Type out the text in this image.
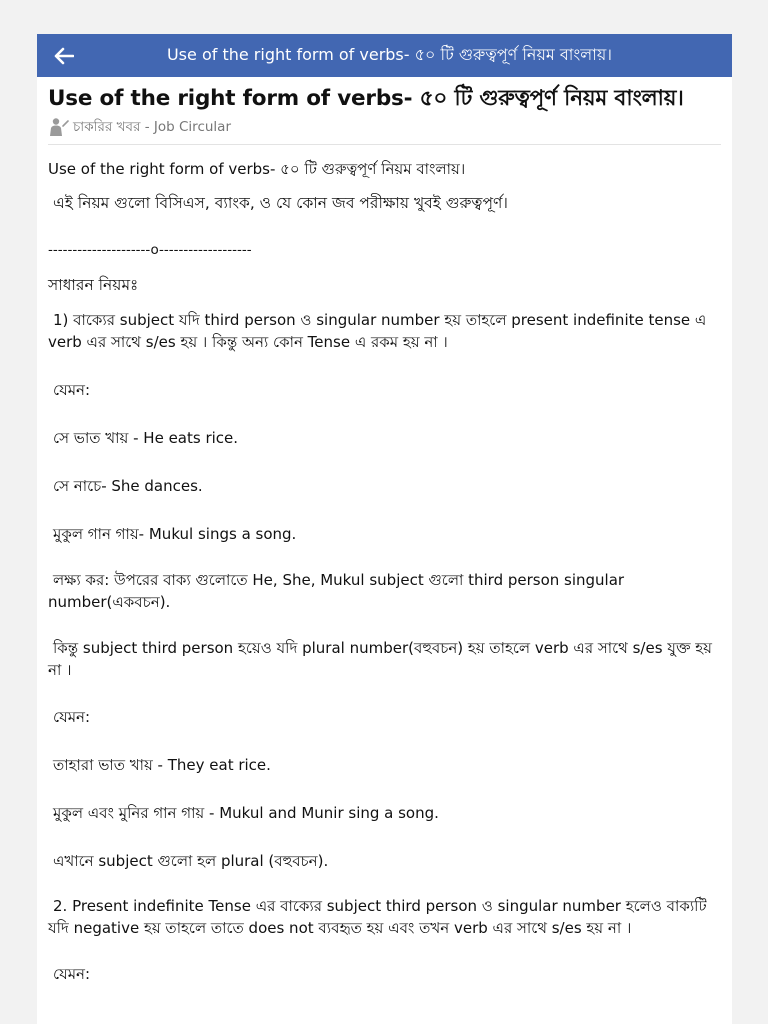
Use of the right form of verbs- ৫০ টি গুরুত্বপূর্ণ নিয়ম বাংলায়।
Use of the right form of verbs- ৫০ টি গুরুত্বপূর্ণ নিয়ম বাংলায়।
চাকরির খবর - Job Circular

Use of the right form of verbs- ৫০ টি গুরুত্বপূর্ণ নিয়ম বাংলায়।

এই নিয়ম গুলো বিসিএস, ব্যাংক, ও যে কোন জব পরীক্ষায় খুবই গুরুত্বপূর্ণ।

---------------------o-------------------

সাধারন নিয়মঃ

1) বাক্যের subject যদি third person ও singular number হয় তাহলে present indefinite tense এ verb এর সাথে s/es হয় । কিন্তু অন্য কোন Tense এ রকম হয় না ।

যেমন:

সে ভাত খায় - He eats rice.

সে নাচে- She dances.

মুকুল গান গায়- Mukul sings a song.

লক্ষ্য কর: উপরের বাক্য গুলোতে He, She, Mukul subject গুলো third person singular number(একবচন).

কিন্তু subject third person হয়েও যদি plural number(বহুবচন) হয় তাহলে verb এর সাথে s/es যুক্ত হয় না ।

যেমন:

তাহারা ভাত খায় - They eat rice.

মুকুল এবং মুনির গান গায় - Mukul and Munir sing a song.

এখানে subject গুলো হল plural (বহুবচন).

2. Present indefinite Tense এর বাক্যের subject third person ও singular number হলেও বাক্যটি যদি negative হয় তাহলে তাতে does not ব্যবহৃত হয় এবং তখন verb এর সাথে s/es হয় না ।

যেমন:
